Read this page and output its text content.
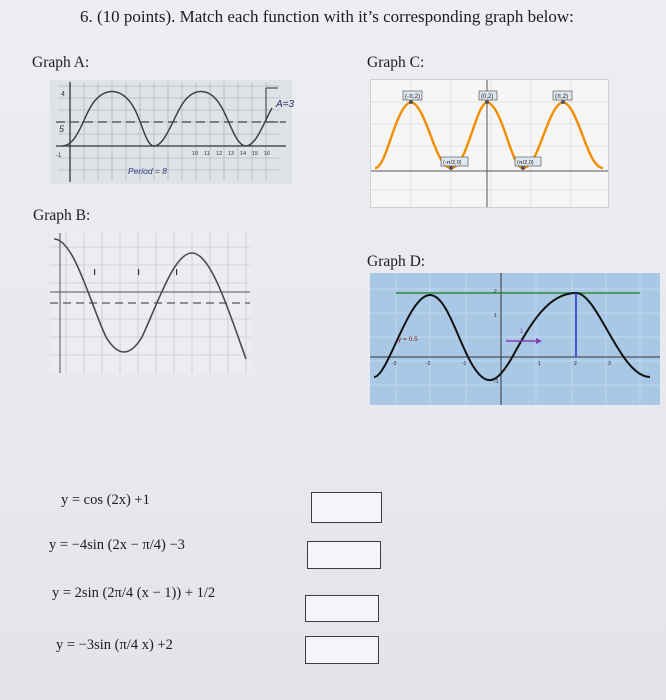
6. (10 points). Match each function with it’s corresponding graph below:
Graph A:	Graph C:
Graph B:
Graph D:
4
5
-1	10 11 12 13 14 15 16
Period = 8
A=3
(-π,2)	(0,2)	(π,2)
(-π/2,0)	(π/2,0)
1
y = 0.5
-3	-2	-1	1	2	3
2
1
-1
y = cos (2x) +1
y = −4sin (2x − π/4) −3
y = 2sin (2π/4 (x − 1)) + 1/2
y = −3sin (π/4 x) +2
